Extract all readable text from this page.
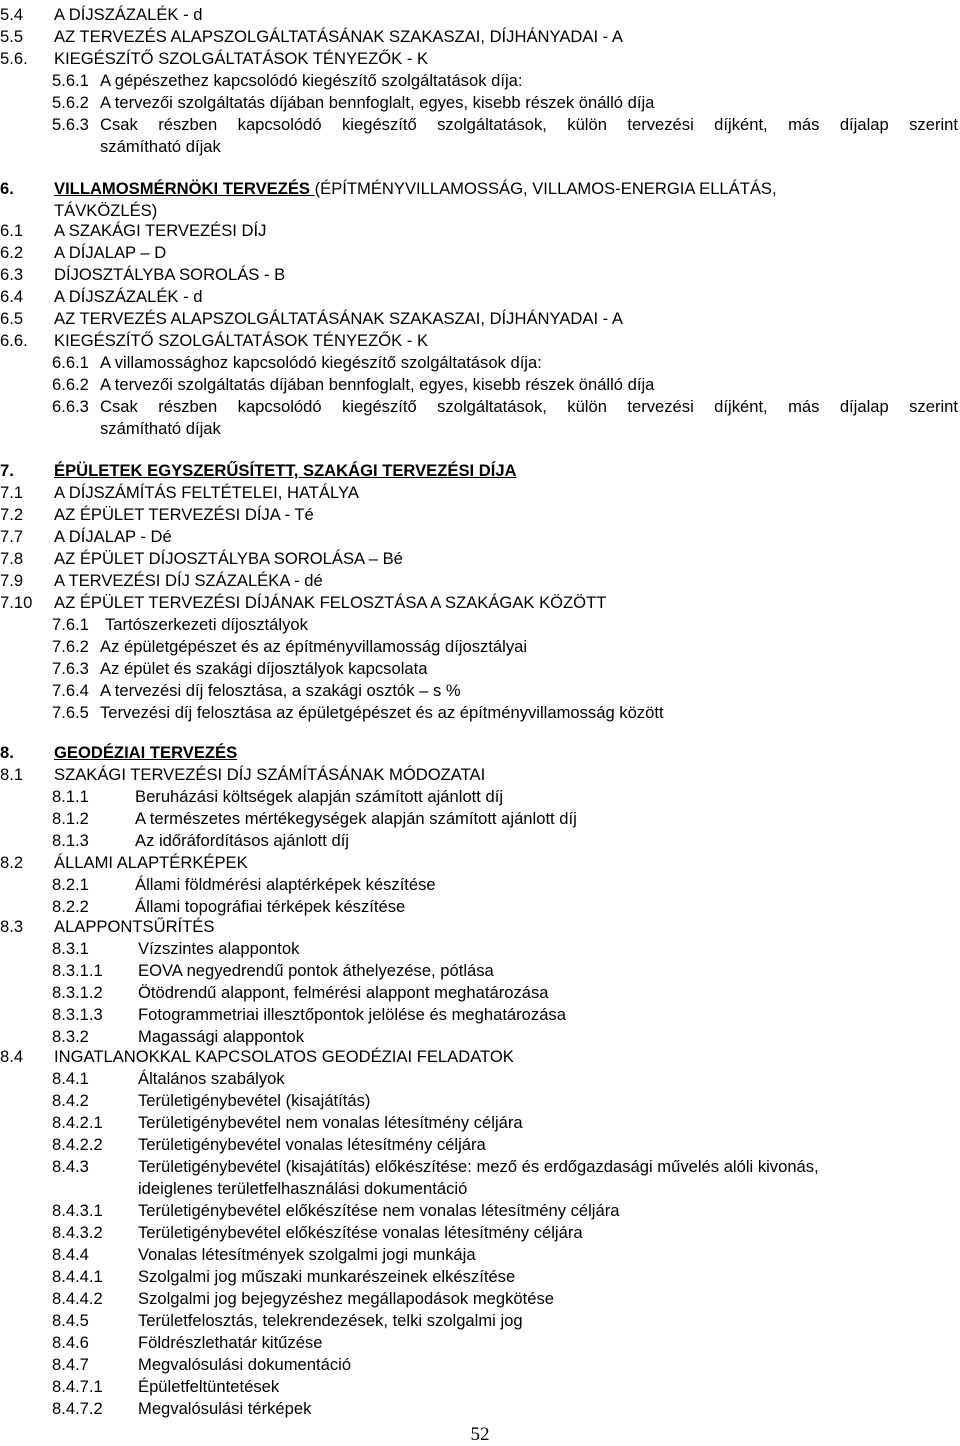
5.4 A DÍJSZÁZALÉK - d
5.5 AZ TERVEZÉS ALAPSZOLGÁLTATÁSÁNAK SZAKASZAI, DÍJHÁNYADAI - A
5.6. KIEGÉSZÍTŐ SZOLGÁLTATÁSOK TÉNYEZŐK - K
5.6.1 A gépészethez kapcsolódó kiegészítő szolgáltatások díja:
5.6.2 A tervezői szolgáltatás díjában bennfoglalt, egyes, kisebb részek önálló díja
5.6.3 Csak részben kapcsolódó kiegészítő szolgáltatások, külön tervezési díjként, más díjalap szerint
számítható díjak
6. VILLAMOSMÉRNÖKI TERVEZÉS (ÉPÍTMÉNYVILLAMOSSÁG, VILLAMOS-ENERGIA ELLÁTÁS,
TÁVKÖZLÉS)
6.1 A SZAKÁGI TERVEZÉSI DÍJ
6.2 A DÍJALAP – D
6.3 DÍJOSZTÁLYBA SOROLÁS - B
6.4 A DÍJSZÁZALÉK - d
6.5 AZ TERVEZÉS ALAPSZOLGÁLTATÁSÁNAK SZAKASZAI, DÍJHÁNYADAI - A
6.6. KIEGÉSZÍTŐ SZOLGÁLTATÁSOK TÉNYEZŐK - K
6.6.1 A villamossághoz kapcsolódó kiegészítő szolgáltatások díja:
6.6.2 A tervezői szolgáltatás díjában bennfoglalt, egyes, kisebb részek önálló díja
6.6.3 Csak részben kapcsolódó kiegészítő szolgáltatások, külön tervezési díjként, más díjalap szerint
számítható díjak
7. ÉPÜLETEK EGYSZERŰSÍTETT, SZAKÁGI TERVEZÉSI DÍJA
7.1 A DÍJSZÁMÍTÁS FELTÉTELEI, HATÁLYA
7.2 AZ ÉPÜLET TERVEZÉSI DÍJA - Té
7.7 A DÍJALAP - Dé
7.8 AZ ÉPÜLET DÍJOSZTÁLYBA SOROLÁSA – Bé
7.9 A TERVEZÉSI DÍJ SZÁZALÉKA - dé
7.10 AZ ÉPÜLET TERVEZÉSI DÍJÁNAK FELOSZTÁSA A SZAKÁGAK KÖZÖTT
7.6.1 Tartószerkezeti díjosztályok
7.6.2 Az épületgépészet és az építményvillamosság díjosztályai
7.6.3 Az épület és szakági díjosztályok kapcsolata
7.6.4 A tervezési díj felosztása, a szakági osztók – s %
7.6.5 Tervezési díj felosztása az épületgépészet és az építményvillamosság között
8. GEODÉZIAI TERVEZÉS
8.1 SZAKÁGI TERVEZÉSI DÍJ SZÁMÍTÁSÁNAK MÓDOZATAI
8.1.1	Beruházási költségek alapján számított ajánlott díj
8.1.2	A természetes mértékegységek alapján számított ajánlott díj
8.1.3	Az időráfordításos ajánlott díj
8.2 ÁLLAMI ALAPTÉRKÉPEK
8.2.1	Állami földmérési alaptérképek készítése
8.2.2	Állami topográfiai térképek készítése
8.3 ALAPPONTSŰRÍTÉS
8.3.1	Vízszintes alappontok
8.3.1.1 EOVA negyedrendű pontok áthelyezése, pótlása
8.3.1.2 Ötödrendű alappont, felmérési alappont meghatározása
8.3.1.3 Fotogrammetriai illesztőpontok jelölése és meghatározása
8.3.2	Magassági alappontok
8.4 INGATLANOKKAL KAPCSOLATOS GEODÉZIAI FELADATOK
8.4.1	Általános szabályok
8.4.2	Területigénybevétel (kisajátítás)
8.4.2.1 Területigénybevétel nem vonalas létesítmény céljára
8.4.2.2 Területigénybevétel vonalas létesítmény céljára
8.4.3	Területigénybevétel (kisajátítás) előkészítése: mező és erdőgazdasági művelés alóli kivonás,
ideiglenes területfelhasználási dokumentáció
8.4.3.1 Területigénybevétel előkészítése nem vonalas létesítmény céljára
8.4.3.2 Területigénybevétel előkészítése vonalas létesítmény céljára
8.4.4	Vonalas létesítmények szolgalmi jogi munkája
8.4.4.1 Szolgalmi jog műszaki munkarészeinek elkészítése
8.4.4.2 Szolgalmi jog bejegyzéshez megállapodások megkötése
8.4.5	Területfelosztás, telekrendezések, telki szolgalmi jog
8.4.6	Földrészlethatár kitűzése
8.4.7	Megvalósulási dokumentáció
8.4.7.1 Épületfeltüntetések
8.4.7.2 Megvalósulási térképek
52
